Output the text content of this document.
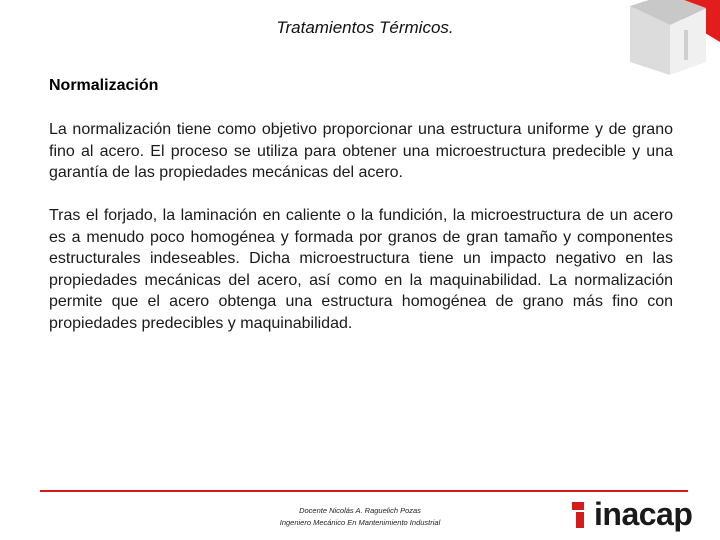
Tratamientos Térmicos.
Normalización

La normalización tiene como objetivo proporcionar una estructura uniforme y de grano fino al acero. El proceso se utiliza para obtener una microestructura predecible y una garantía de las propiedades mecánicas del acero.

Tras el forjado, la laminación en caliente o la fundición, la microestructura de un acero es a menudo poco homogénea y formada por granos de gran tamaño y componentes estructurales indeseables. Dicha microestructura tiene un impacto negativo en las propiedades mecánicas del acero, así como en la maquinabilidad. La normalización permite que el acero obtenga una estructura homogénea de grano más fino con propiedades predecibles y maquinabilidad.

Docente Nicolás A. Raguelich Pozas
Ingeniero Mecánico En Mantenimiento Industrial	inacap
